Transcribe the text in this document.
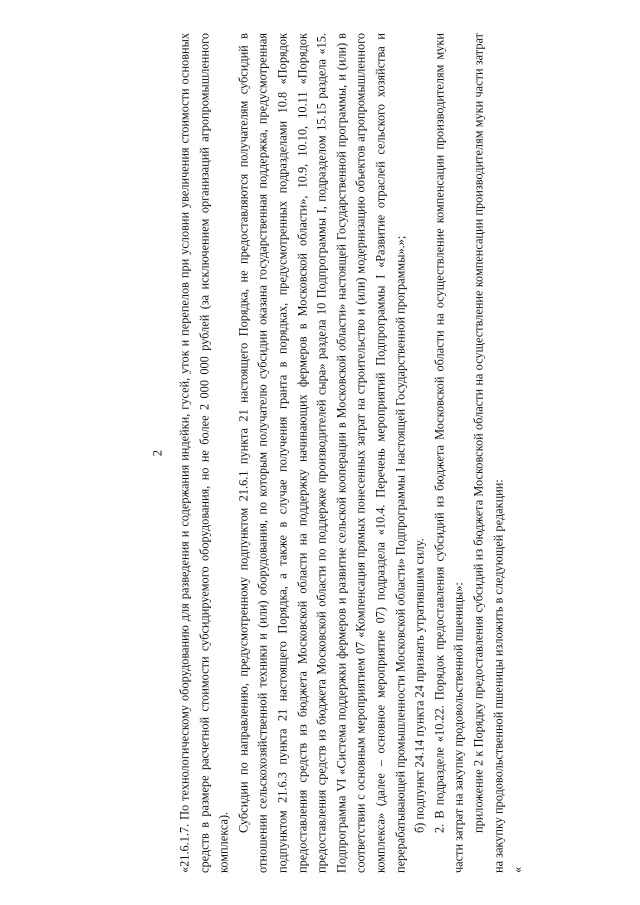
2 «21.6.1.7. По технологическому оборудованию для разведения и содержания индейки, гусей, уток и перепелов при условии увеличения стоимости основных средств в размере расчетной стоимости субсидируемого оборудования, но не более 2 000 000 рублей (за исключением организаций агропромышленного комплекса).

Субсидии по направлению, предусмотренному подпунктом 21.6.1 пункта 21 настоящего Порядка, не предоставляются получателям субсидий в отношении сельскохозяйственной техники и (или) оборудования, по которым получателю субсидии оказана государственная поддержка, предусмотренная подпунктом 21.6.3 пункта 21 настоящего Порядка, а также в случае получения гранта в порядках, предусмотренных подразделами 10.8 «Порядок предоставления средств из бюджета Московской области на поддержку начинающих фермеров в Московской области», 10.9, 10.10, 10.11 «Порядок предоставления средств из бюджета Московской области по поддержке производителей сыра» раздела 10 Подпрограммы I, подразделом 15.15 раздела «15. Подпрограмма VI «Система поддержки фермеров и развитие сельской кооперации в Московской области» настоящей Государственной программы, и (или) в соответствии с основным мероприятием 07 «Компенсация прямых понесенных затрат на строительство и (или) модернизацию объектов агропромышленного комплекса» (далее – основное мероприятие 07) подраздела «10.4. Перечень мероприятий Подпрограммы I «Развитие отраслей сельского хозяйства и перерабатывающей промышленности Московской области» Подпрограммы I настоящей Государственной программы».»; б) подпункт 24.14 пункта 24 признать утратившим силу. 2. В подразделе «10.22. Порядок предоставления субсидий из бюджета Московской области на осуществление компенсации производителям муки части затрат на закупку продовольственной пшеницы»: приложение 2 к Порядку предоставления субсидий из бюджета Московской области на осуществление компенсации производителям муки части затрат на закупку продовольственной пшеницы изложить в следующей редакции: «
